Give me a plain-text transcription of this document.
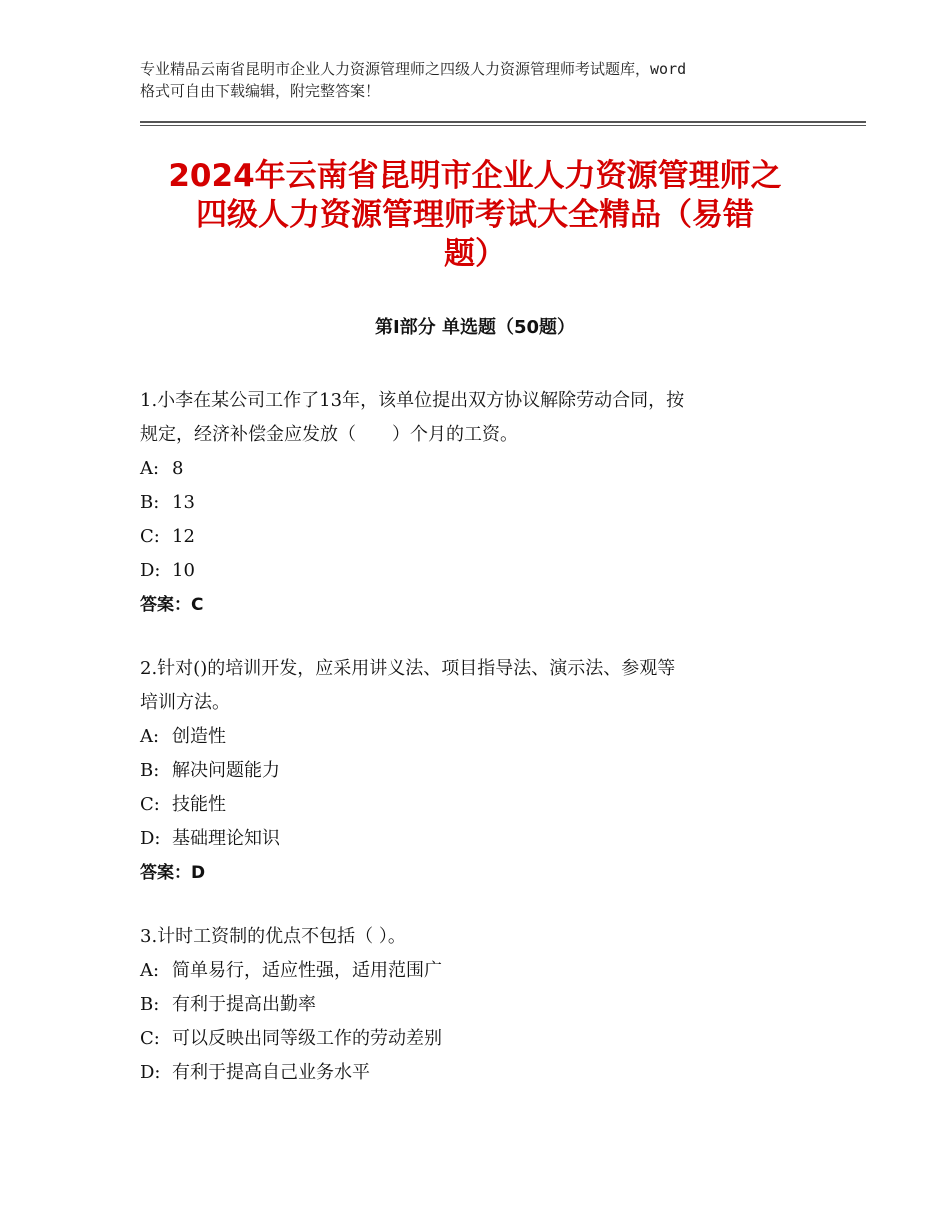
专业精品云南省昆明市企业人力资源管理师之四级人力资源管理师考试题库，word
格式可自由下载编辑，附完整答案！
2024年云南省昆明市企业人力资源管理师之
四级人力资源管理师考试大全精品（易错
题）
第Ⅰ部分 单选题（50题）
1.小李在某公司工作了13年，该单位提出双方协议解除劳动合同，按
规定，经济补偿金应发放（　　）个月的工资。
A: 8
B: 13
C: 12
D: 10
答案：C
2.针对()的培训开发，应采用讲义法、项目指导法、演示法、参观等
培训方法。
A: 创造性
B: 解决问题能力
C: 技能性
D: 基础理论知识
答案：D
3.计时工资制的优点不包括（ ）。
A: 简单易行，适应性强，适用范围广
B: 有利于提高出勤率
C: 可以反映出同等级工作的劳动差别
D: 有利于提高自己业务水平
